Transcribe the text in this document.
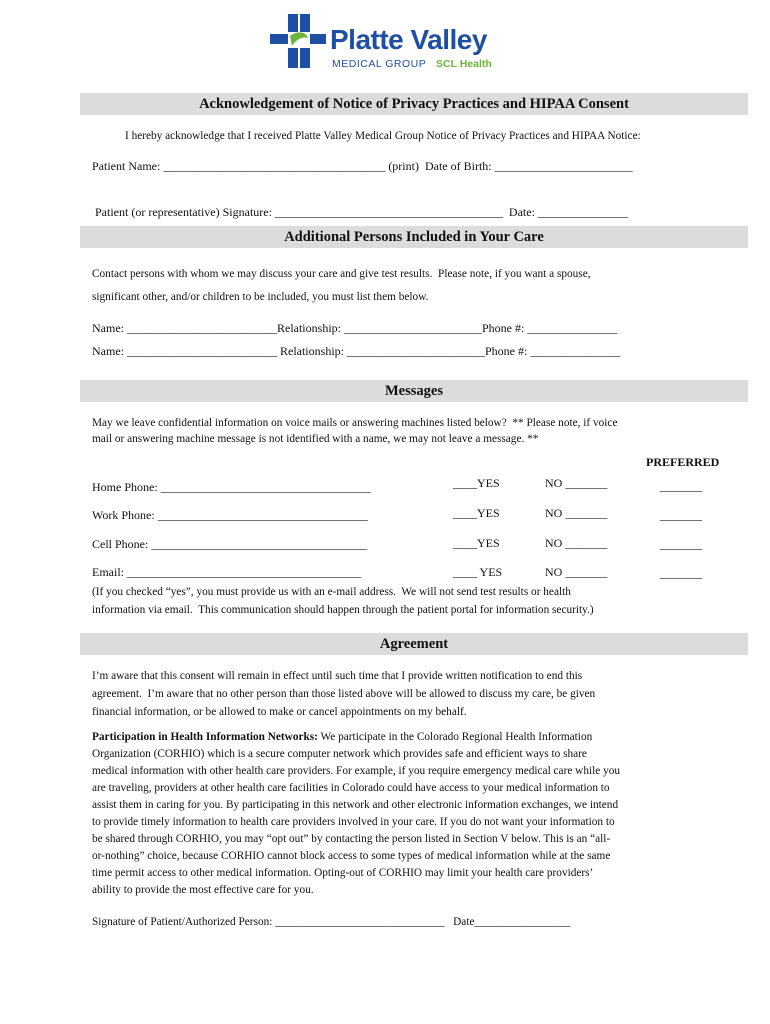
Platte Valley
MEDICAL GROUP SCL Health
Acknowledgement of Notice of Privacy Practices and HIPAA Consent
I hereby acknowledge that I received Platte Valley Medical Group Notice of Privacy Practices and HIPAA Notice:
Patient Name: _____________________________________ (print)  Date of Birth: _______________________
Patient (or representative) Signature: ______________________________________  Date: _______________
Additional Persons Included in Your Care
Contact persons with whom we may discuss your care and give test results.  Please note, if you want a spouse,
significant other, and/or children to be included, you must list them below.
Name: _________________________Relationship: _______________________Phone #: _______________
Name: _________________________ Relationship: _______________________Phone #: _______________
Messages
May we leave confidential information on voice mails or answering machines listed below?  ** Please note, if voice
mail or answering machine message is not identified with a name, we may not leave a message. **
PREFERRED
Home Phone: ___________________________________	____YES	NO _______	_______
Work Phone: ___________________________________	____YES	NO _______	_______
Cell Phone: ____________________________________	____YES	NO _______	_______
Email: _______________________________________	____ YES	NO _______	_______
(If you checked “yes”, you must provide us with an e-mail address.  We will not send test results or health
information via email.  This communication should happen through the patient portal for information security.)
Agreement
I’m aware that this consent will remain in effect until such time that I provide written notification to end this
agreement.  I’m aware that no other person than those listed above will be allowed to discuss my care, be given
financial information, or be allowed to make or cancel appointments on my behalf.
Participation in Health Information Networks: We participate in the Colorado Regional Health Information
Organization (CORHIO) which is a secure computer network which provides safe and efficient ways to share
medical information with other health care providers. For example, if you require emergency medical care while you
are traveling, providers at other health care facilities in Colorado could have access to your medical information to
assist them in caring for you. By participating in this network and other electronic information exchanges, we intend
to provide timely information to health care providers involved in your care. If you do not want your information to
be shared through CORHIO, you may “opt out” by contacting the person listed in Section V below. This is an “all-
or-nothing” choice, because CORHIO cannot block access to some types of medical information while at the same
time permit access to other medical information. Opting-out of CORHIO may limit your health care providers’
ability to provide the most effective care for you.
Signature of Patient/Authorized Person: ______________________________   Date_________________
